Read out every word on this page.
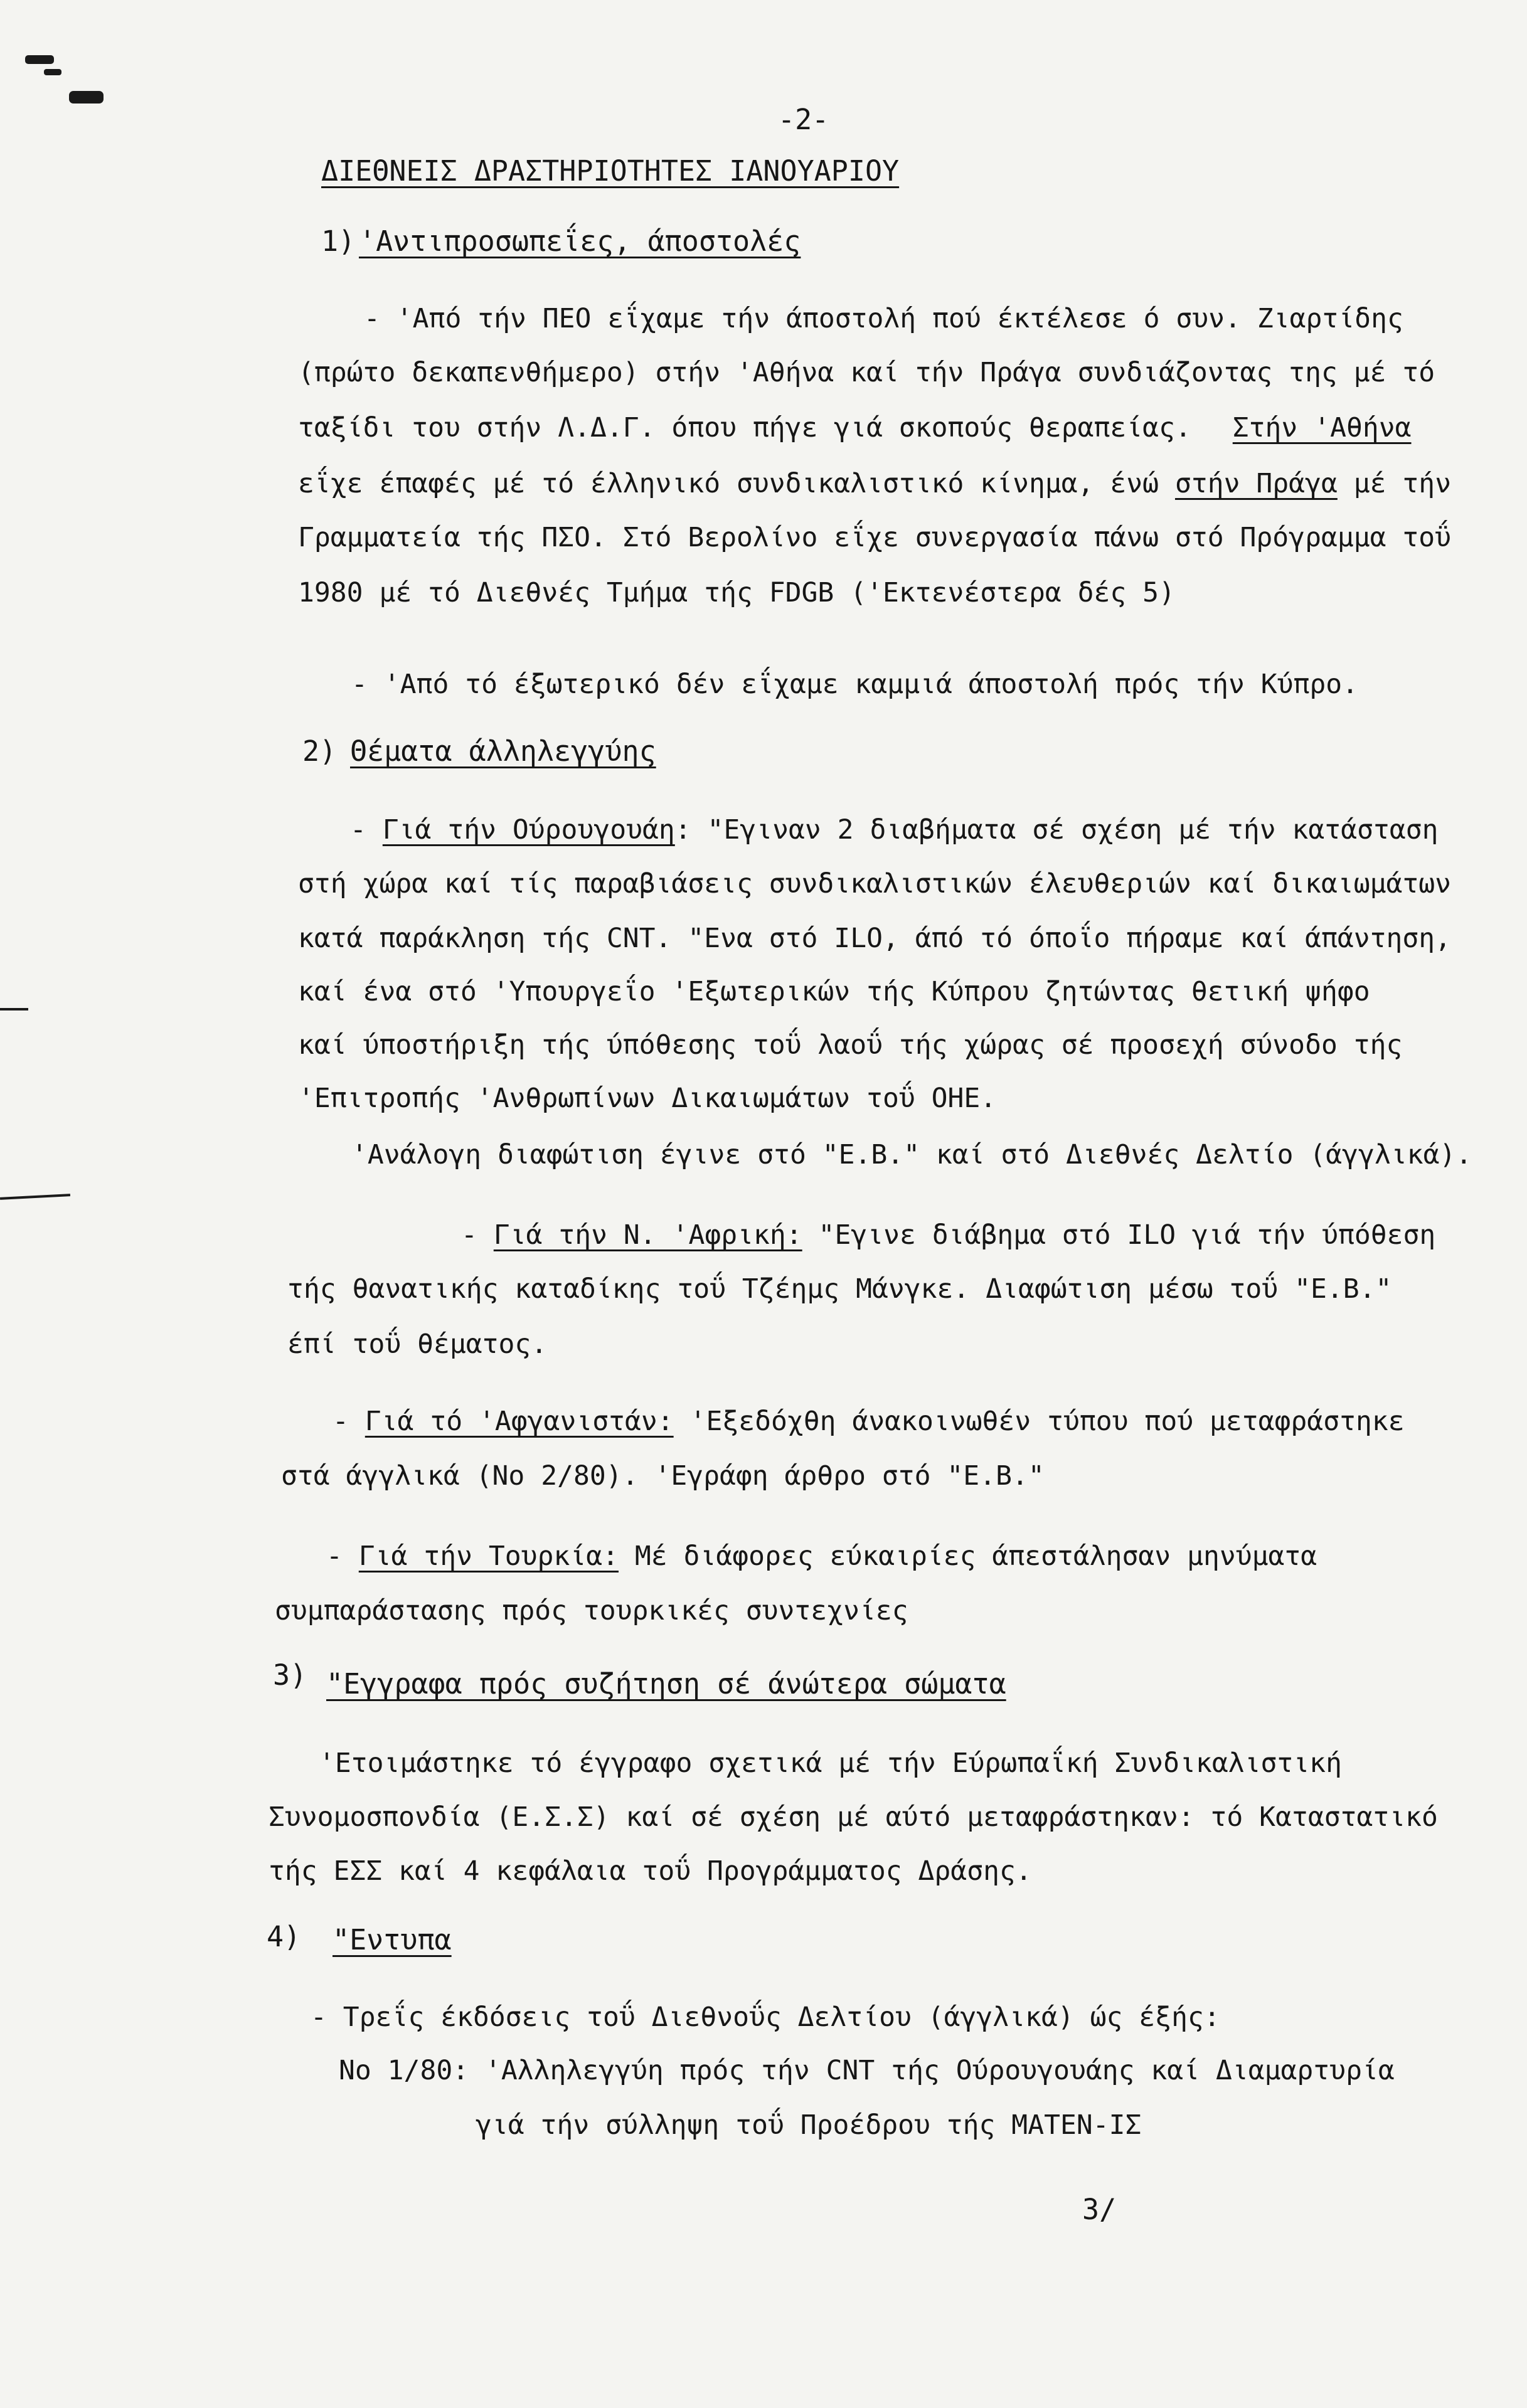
-2-
ΔΙΕΘΝΕΙΣ ΔΡΑΣΤΗΡΙΟΤΗΤΕΣ ΙΑΝΟΥΑΡΙΟΥ
1) 'Αντιπροσωπεΐες, άποστολές
- 'Από τήν ΠΕΟ εΐχαμε τήν άποστολή πού έκτέλεσε ό συν. Ζιαρτίδης
(πρώτο δεκαπενθήμερο) στήν 'Αθήνα καί τήν Πράγα συνδιάζοντας της μέ τό
ταξίδι του στήν Λ.Δ.Γ. όπου πήγε γιά σκοπούς θεραπείας. Στήν 'Αθήνα
εΐχε έπαφές μέ τό έλληνικό συνδικαλιστικό κίνημα, ένώ στήν Πράγα μέ τήν
Γραμματεία τής ΠΣΟ. Στό Βερολίνο εΐχε συνεργασία πάνω στό Πρόγραμμα τοΰ
1980 μέ τό Διεθνές Τμήμα τής FDGB ('Εκτενέστερα δές 5)
- 'Από τό έξωτερικό δέν εΐχαμε καμμιά άποστολή πρός τήν Κύπρο.
2) Θέματα άλληλεγγύης
- Γιά τήν Ούρουγουάη: "Εγιναν 2 διαβήματα σέ σχέση μέ τήν κατάσταση
στή χώρα καί τίς παραβιάσεις συνδικαλιστικών έλευθεριών καί δικαιωμάτων
κατά παράκληση τής CNT. "Ενα στό ILO, άπό τό όποΐο πήραμε καί άπάντηση,
καί ένα στό 'Υπουργεΐο 'Εξωτερικών τής Κύπρου ζητώντας θετική ψήφο
καί ύποστήριξη τής ύπόθεσης τοΰ λαοΰ τής χώρας σέ προσεχή σύνοδο τής
'Επιτροπής 'Ανθρωπίνων Δικαιωμάτων τοΰ ΟΗΕ.
'Ανάλογη διαφώτιση έγινε στό "Ε.Β." καί στό Διεθνές Δελτίο (άγγλικά).
- Γιά τήν Ν. 'Αφρική: "Εγινε διάβημα στό ILO γιά τήν ύπόθεση
τής θανατικής καταδίκης τοΰ Τζέημς Μάνγκε. Διαφώτιση μέσω τοΰ "Ε.Β."
έπί τοΰ θέματος.
- Γιά τό 'Αφγανιστάν: 'Εξεδόχθη άνακοινωθέν τύπου πού μεταφράστηκε
στά άγγλικά (Νο 2/80). 'Εγράφη άρθρο στό "Ε.Β."
- Γιά τήν Τουρκία: Μέ διάφορες εύκαιρίες άπεστάλησαν μηνύματα
συμπαράστασης πρός τουρκικές συντεχνίες
3) "Εγγραφα πρός συζήτηση σέ άνώτερα σώματα
'Ετοιμάστηκε τό έγγραφο σχετικά μέ τήν Εύρωπαΐκή Συνδικαλιστική
Συνομοσπονδία (Ε.Σ.Σ) καί σέ σχέση μέ αύτό μεταφράστηκαν: τό Καταστατικό
τής ΕΣΣ καί 4 κεφάλαια τοΰ Προγράμματος Δράσης.
4) "Εντυπα
- Τρεΐς έκδόσεις τοΰ Διεθνοΰς Δελτίου (άγγλικά) ώς έξής:
Νο 1/80: 'Αλληλεγγύη πρός τήν CNT τής Ούρουγουάης καί Διαμαρτυρία
γιά τήν σύλληψη τοΰ Προέδρου τής ΜΑΤΕΝ-ΙΣ
3/
